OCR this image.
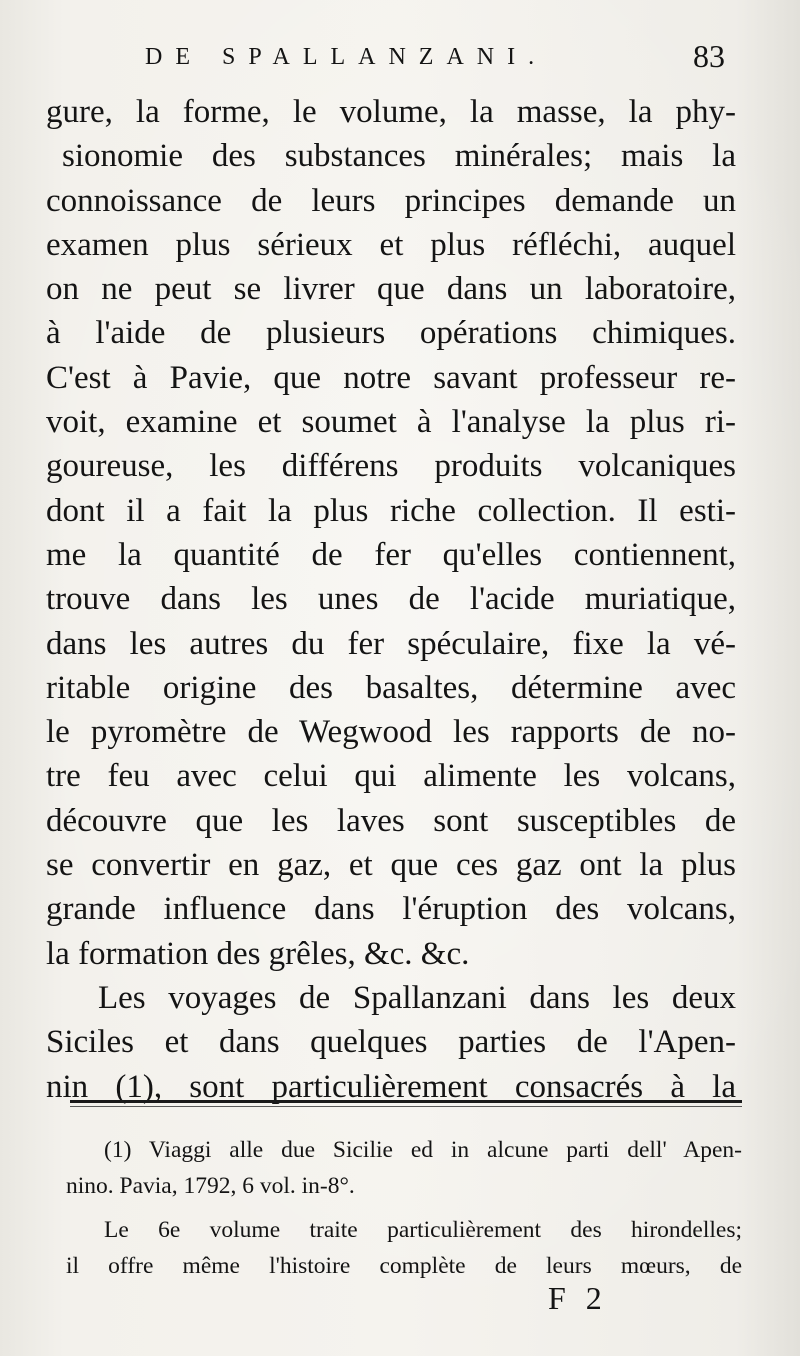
DE SPALLANZANI.	83
gure, la forme, le volume, la masse, la phy-
sionomie des substances minérales; mais la
connoissance de leurs principes demande un
examen plus sérieux et plus réfléchi, auquel
on ne peut se livrer que dans un laboratoire,
à l'aide de plusieurs opérations chimiques.
C'est à Pavie, que notre savant professeur re-
voit, examine et soumet à l'analyse la plus ri-
goureuse, les différens produits volcaniques
dont il a fait la plus riche collection. Il esti-
me la quantité de fer qu'elles contiennent,
trouve dans les unes de l'acide muriatique,
dans les autres du fer spéculaire, fixe la vé-
ritable origine des basaltes, détermine avec
le pyromètre de Wegwood les rapports de no-
tre feu avec celui qui alimente les volcans,
découvre que les laves sont susceptibles de
se convertir en gaz, et que ces gaz ont la plus
grande influence dans l'éruption des volcans,
la formation des grêles, &c. &c.
Les voyages de Spallanzani dans les deux
Siciles et dans quelques parties de l'Apen-
nin (1), sont particulièrement consacrés à la
(1) Viaggi alle due Sicilie ed in alcune parti dell' Apen-
nino. Pavia, 1792, 6 vol. in-8°.
Le 6e volume traite particulièrement des hirondelles;
il offre même l'histoire complète de leurs mœurs, de
F 2
